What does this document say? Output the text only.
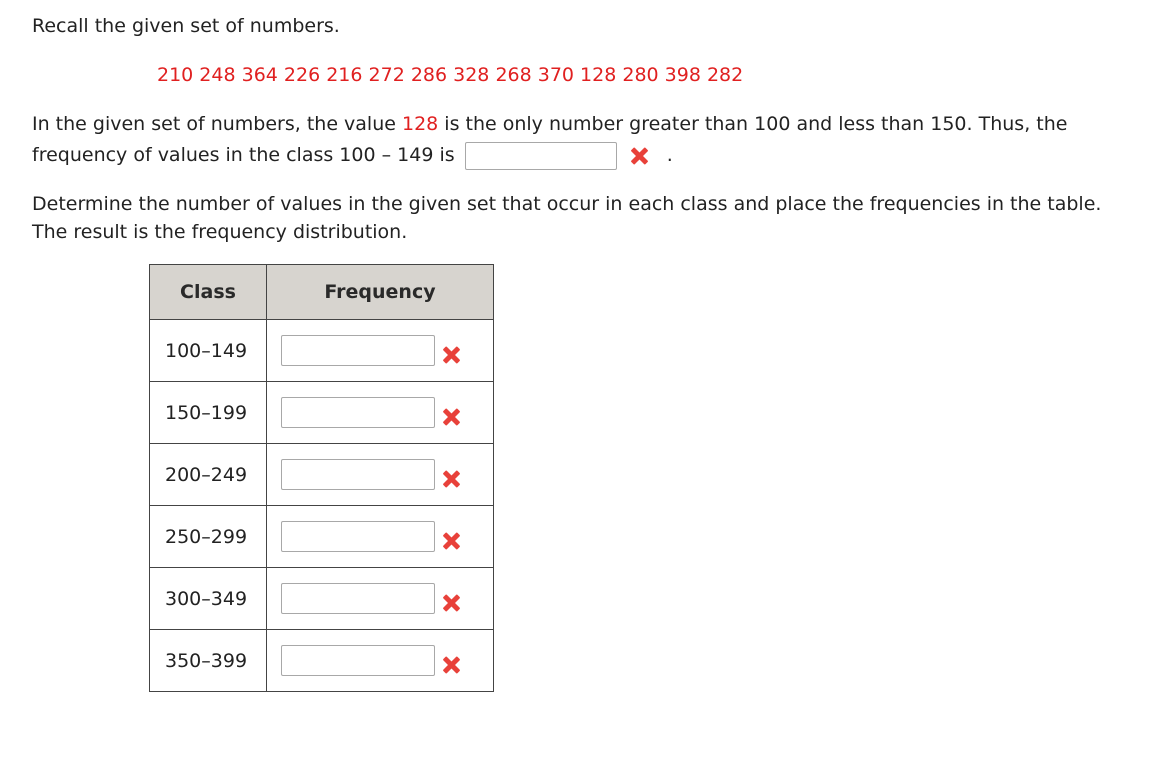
Recall the given set of numbers.
210 248 364 226 216 272 286 328 268 370 128 280 398 282
In the given set of numbers, the value 128 is the only number greater than 100 and less than 150. Thus, the
frequency of values in the class 100 – 149 is	.
Determine the number of values in the given set that occur in each class and place the frequencies in the table.
The result is the frequency distribution.
Class	Frequency
100–149	

150–199	

200–249	

250–299	

300–349	

350–399	
